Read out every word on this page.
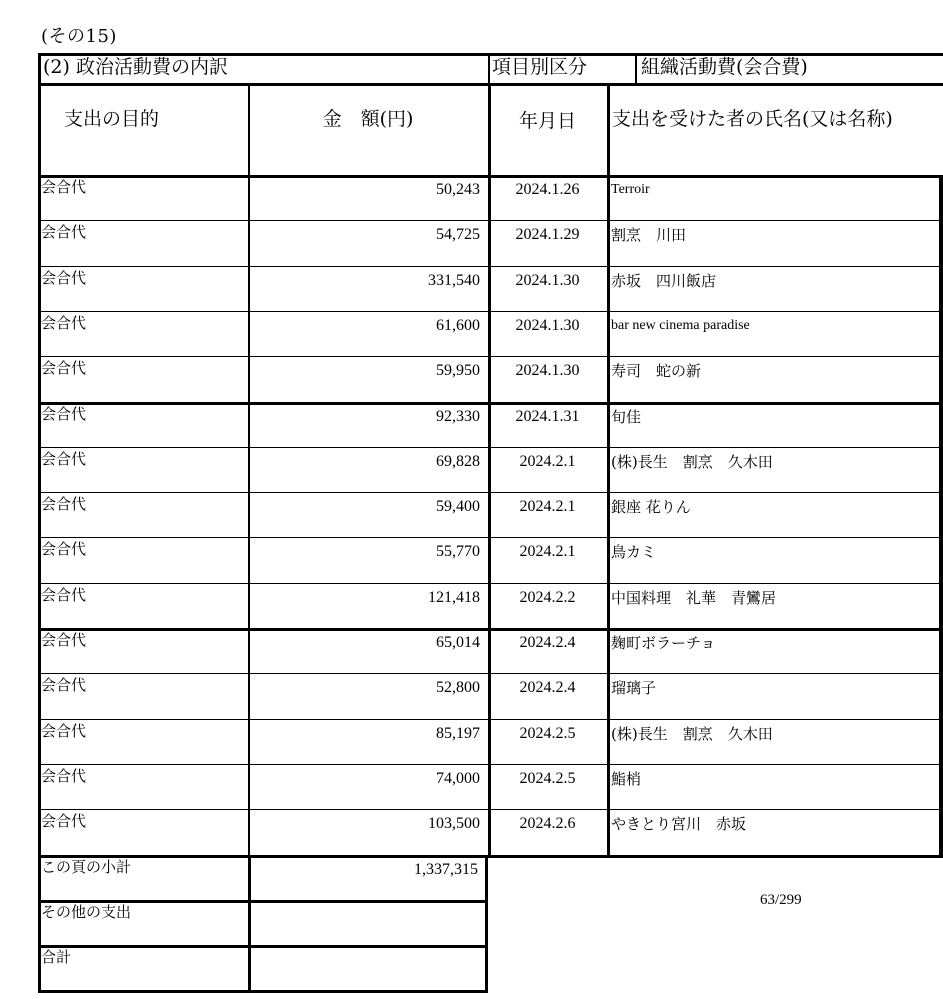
(その15)
(2) 政治活動費の内訳	項目別区分	組織活動費(会合費)
支出の目的	金　額(円)	年月日	支出を受けた者の氏名(又は名称)
会合代	50,243	2024.1.26	Terroir
会合代	54,725	2024.1.29	割烹　川田
会合代	331,540	2024.1.30	赤坂　四川飯店
会合代	61,600	2024.1.30	bar new cinema paradise
会合代	59,950	2024.1.30	寿司　蛇の新
会合代	92,330	2024.1.31	旬佳
会合代	69,828	2024.2.1	(株)長生　割烹　久木田
会合代	59,400	2024.2.1	銀座 花りん
会合代	55,770	2024.2.1	鳥カミ
会合代	121,418	2024.2.2	中国料理　礼華　青鸞居
会合代	65,014	2024.2.4	麹町ボラーチョ
会合代	52,800	2024.2.4	瑠璃子
会合代	85,197	2024.2.5	(株)長生　割烹　久木田
会合代	74,000	2024.2.5	鮨梢
会合代	103,500	2024.2.6	やきとり宮川　赤坂
この頁の小計	1,337,315
その他の支出
合計
63/299
